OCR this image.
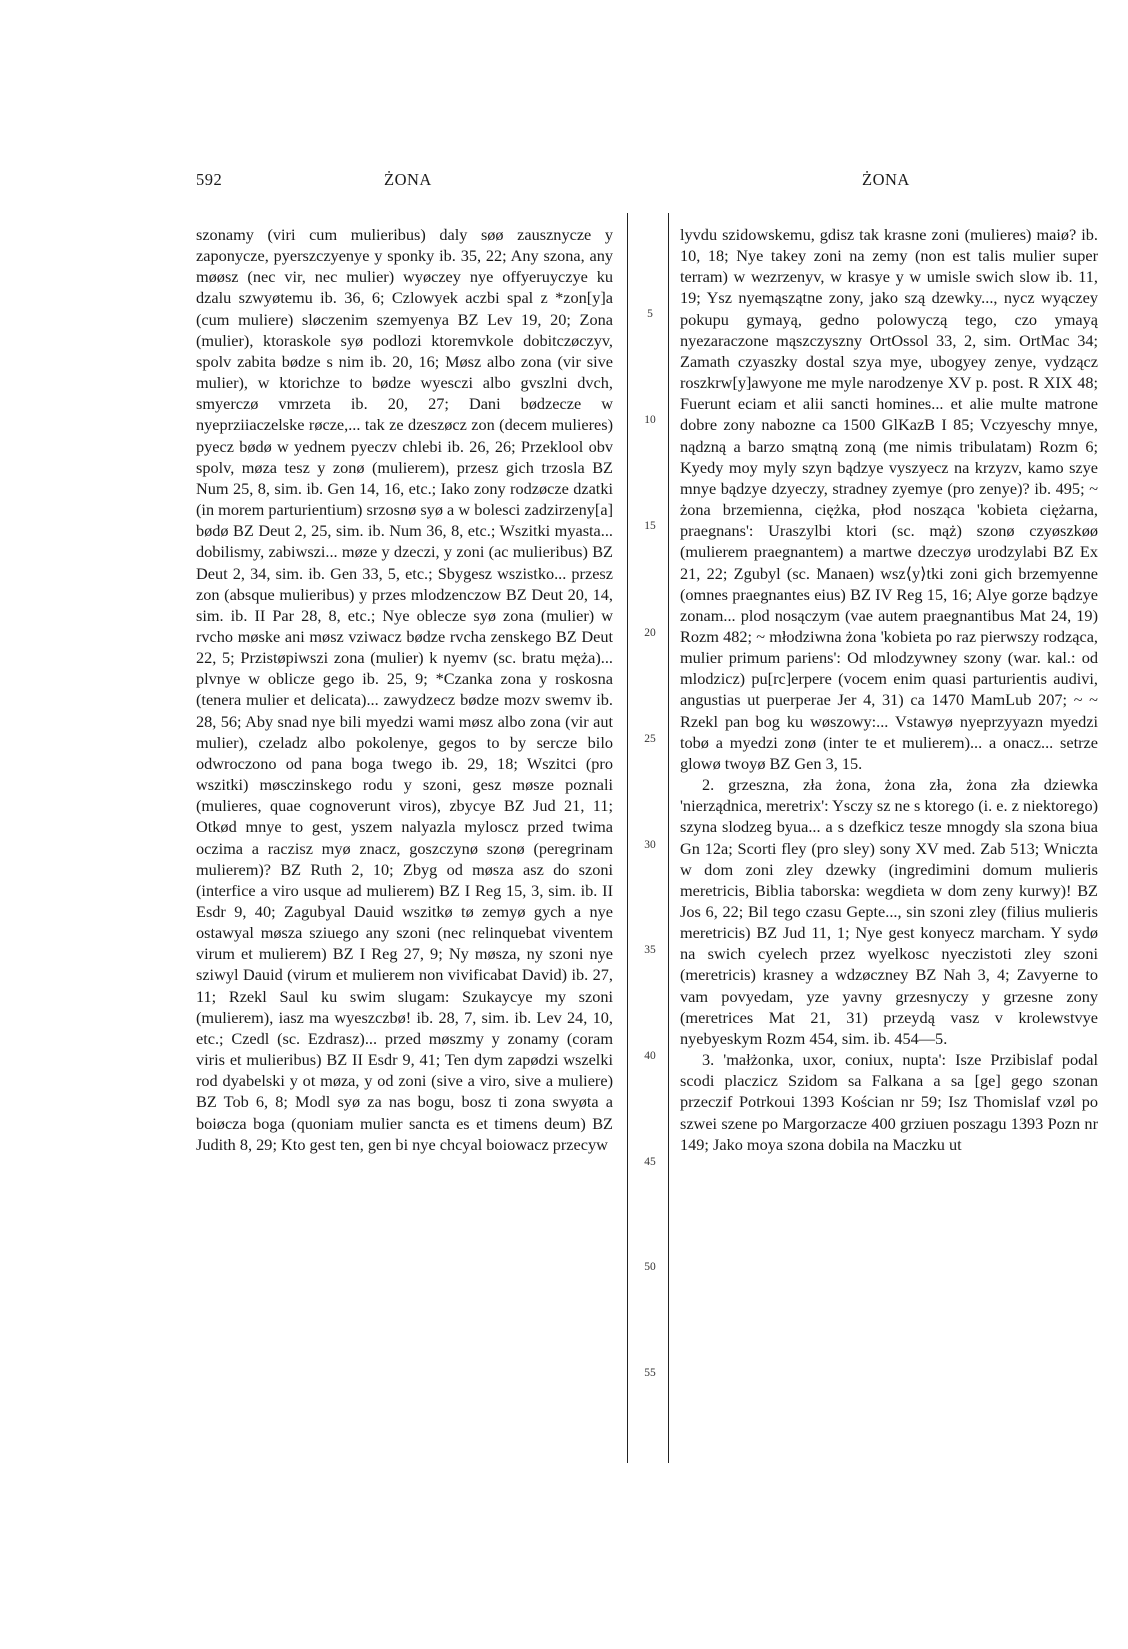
592	ŻONA	ŻONA

szonamy (viri cum mulieribus) daly søø zausznycze y zaponycze, pyerszczyenye y sponky ib. 35, 22; Any szona, any møøsz (nec vir, nec mulier) wyøczey nye offyeruyczye ku dzalu szwyøtemu ib. 36, 6; Czlowyek aczbi spal z *zon[y]a (cum muliere) sløczenim szemyenya BZ Lev 19, 20; Zona (mulier), ktoraskole syø podlozi ktoremvkole dobitczøczyv, spolv zabita bødze s nim ib. 20, 16; Møsz albo zona (vir sive mulier), w ktorichze to bødze wyesczi albo gvszlni dvch, smyerczø vmrzeta ib. 20, 27; Dani bødzecze w nyeprziiaczelske røcze,... tak ze dzeszøcz zon (decem mulieres) pyecz bødø w yednem pyeczv chlebi ib. 26, 26; Przeklool obv spolv, møza tesz y zonø (mulierem), przesz gich trzosla BZ Num 25, 8, sim. ib. Gen 14, 16, etc.; Iako zony rodzøcze dzatki (in morem parturientium) srzosnø syø a w bolesci zadzirzeny[a] bødø BZ Deut 2, 25, sim. ib. Num 36, 8, etc.; Wszitki myasta... dobilismy, zabiwszi... møze y dzeczi, y zoni (ac mulieribus) BZ Deut 2, 34, sim. ib. Gen 33, 5, etc.; Sbygesz wszistko... przesz zon (absque mulieribus) y przes mlodzenczow BZ Deut 20, 14, sim. ib. II Par 28, 8, etc.; Nye oblecze syø zona (mulier) w rvcho møske ani møsz vziwacz bødze rvcha zenskego BZ Deut 22, 5; Przistøpiwszi zona (mulier) k nyemv (sc. bratu męża)... plvnye w oblicze gego ib. 25, 9; *Czanka zona y roskosna (tenera mulier et delicata)... zawydzecz bødze mozv swemv ib. 28, 56; Aby snad nye bili myedzi wami møsz albo zona (vir aut mulier), czeladz albo pokolenye, gegos to by sercze bilo odwroczono od pana boga twego ib. 29, 18; Wszitci (pro wszitki) møsczinskego rodu y szoni, gesz møsze poznali (mulieres, quae cognoverunt viros), zbycye BZ Jud 21, 11; Otkød mnye to gest, yszem nalyazla myloscz przed twima oczima a raczisz myø znacz, goszczynø szonø (peregrinam mulierem)? BZ Ruth 2, 10; Zbyg od møsza asz do szoni (interfice a viro usque ad mulierem) BZ I Reg 15, 3, sim. ib. II Esdr 9, 40; Zagubyal Dauid wszitkø tø zemyø gych a nye ostawyal møsza sziuego any szoni (nec relinquebat viventem virum et mulierem) BZ I Reg 27, 9; Ny møsza, ny szoni nye sziwyl Dauid (virum et mulierem non vivificabat David) ib. 27, 11; Rzekl Saul ku swim slugam: Szukaycye my szoni (mulierem), iasz ma wyeszczbø! ib. 28, 7, sim. ib. Lev 24, 10, etc.; Czedl (sc. Ezdrasz)... przed møszmy y zonamy (coram viris et mulieribus) BZ II Esdr 9, 41; Ten dym zapødzi wszelki rod dyabelski y ot møza, y od zoni (sive a viro, sive a muliere) BZ Tob 6, 8; Modl syø za nas bogu, bosz ti zona swyøta a boiøcza boga (quoniam mulier sancta es et timens deum) BZ Judith 8, 29; Kto gest ten, gen bi nye chcyal boiowacz przecyw

5
10
15
20
25
30
35
40
45
50
55

lyvdu szidowskemu, gdisz tak krasne zoni (mulieres) maiø? ib. 10, 18; Nye takey zoni na zemy (non est talis mulier super terram) w wezrzenyv, w krasye y w umisle swich slow ib. 11, 19; Ysz nyemąszątne zony, jako szą dzewky..., nycz wyączey pokupu gymayą, gedno polowyczą tego, czo ymayą nyezaraczone mąszczyszny OrtOssol 33, 2, sim. OrtMac 34; Zamath czyaszky dostal szya mye, ubogyey zenye, vydzącz roszkrw[y]awyone me myle narodzenye XV p. post. R XIX 48; Fuerunt eciam et alii sancti homines... et alie multe matrone dobre zony nabozne ca 1500 GlKazB I 85; Vczyeschy mnye, nądzną a barzo smątną zoną (me nimis tribulatam) Rozm 6; Kyedy moy myly szyn bądzye vyszyecz na krzyzv, kamo szye mnye bądzye dzyeczy, stradney zyemye (pro zenye)? ib. 495; ~ żona brzemienna, ciężka, płod nosząca 'kobieta ciężarna, praegnans': Uraszylbi ktori (sc. mąż) szonø czyøszkøø (mulierem praegnantem) a martwe dzeczyø urodzylabi BZ Ex 21, 22; Zgubyl (sc. Manaen) wsz⟨y⟩tki zoni gich brzemyenne (omnes praegnantes eius) BZ IV Reg 15, 16; Alye gorze bądzye zonam... plod nosączym (vae autem praegnantibus Mat 24, 19) Rozm 482; ~ młodziwna żona 'kobieta po raz pierwszy rodząca, mulier primum pariens': Od mlodzywney szony (war. kal.: od mlodzicz) pu[rc]erpere (vocem enim quasi parturientis audivi, angustias ut puerperae Jer 4, 31) ca 1470 MamLub 207; ~ ~ Rzekl pan bog ku wøszowy:... Vstawyø nyeprzyyazn myedzi tobø a myedzi zonø (inter te et mulierem)... a onacz... setrze glowø twoyø BZ Gen 3, 15.

2. grzeszna, zła żona, żona zła, żona zła dziewka 'nierządnica, meretrix': Ysczy sz ne s ktorego (i. e. z niektorego) szyna slodzeg byua... a s dzefkicz tesze mnogdy sla szona biua Gn 12a; Scorti fley (pro sley) sony XV med. Zab 513; Wniczta w dom zoni zley dzewky (ingredimini domum mulieris meretricis, Biblia taborska: wegdieta w dom zeny kurwy)! BZ Jos 6, 22; Bil tego czasu Gepte..., sin szoni zley (filius mulieris meretricis) BZ Jud 11, 1; Nye gest konyecz marcham. Y sydø na swich cyelech przez wyelkosc nyeczistoti zley szoni (meretricis) krasney a wdzøczney BZ Nah 3, 4; Zavyerne to vam povyedam, yze yavny grzesnyczy y grzesne zony (meretrices Mat 21, 31) przeydą vasz v krolewstvye nyebyeskym Rozm 454, sim. ib. 454—5.

3. 'małżonka, uxor, coniux, nupta': Isze Przibislaf podal scodi placzicz Szidom sa Falkana a sa [ge] gego szonan przeczif Potrkoui 1393 Kościan nr 59; Isz Thomislaf vzøl po szwei szene po Margorzacze 400 grziuen poszagu 1393 Pozn nr 149; Jako moya szona dobila na Maczku ut
